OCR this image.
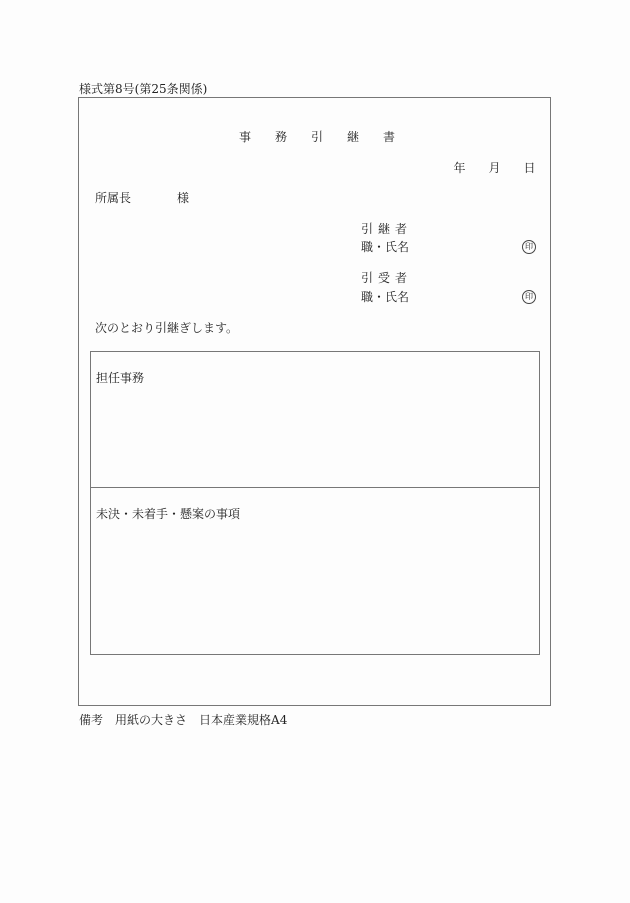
様式第8号(第25条関係)
事 務 引 継 書
年 月 日
所属長	様
引継者
職・氏名	印
引受者
職・氏名	印
次のとおり引継ぎします。
担任事務
未決・未着手・懸案の事項
備考　 用紙の大きさ　日本産業規格A4
